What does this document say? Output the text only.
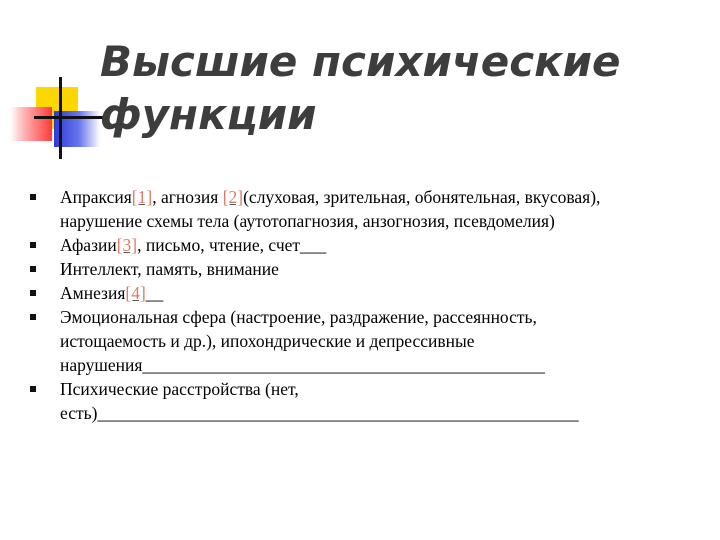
Высшие психические
функции
Апраксия[1], агнозия [2](слуховая, зрительная, обонятельная, вкусовая),
нарушение схемы тела (аутотопагнозия, анзогнозия, псевдомелия)
Афазии[3], письмо, чтение, счет___
Интеллект, память, внимание
Амнезия[4]__
Эмоциональная сфера (настроение, раздражение, рассеянность,
истощаемость и др.), ипохондрические и депрессивные
нарушения______________________________________________
Психические расстройства (нет,
есть)_______________________________________________________
